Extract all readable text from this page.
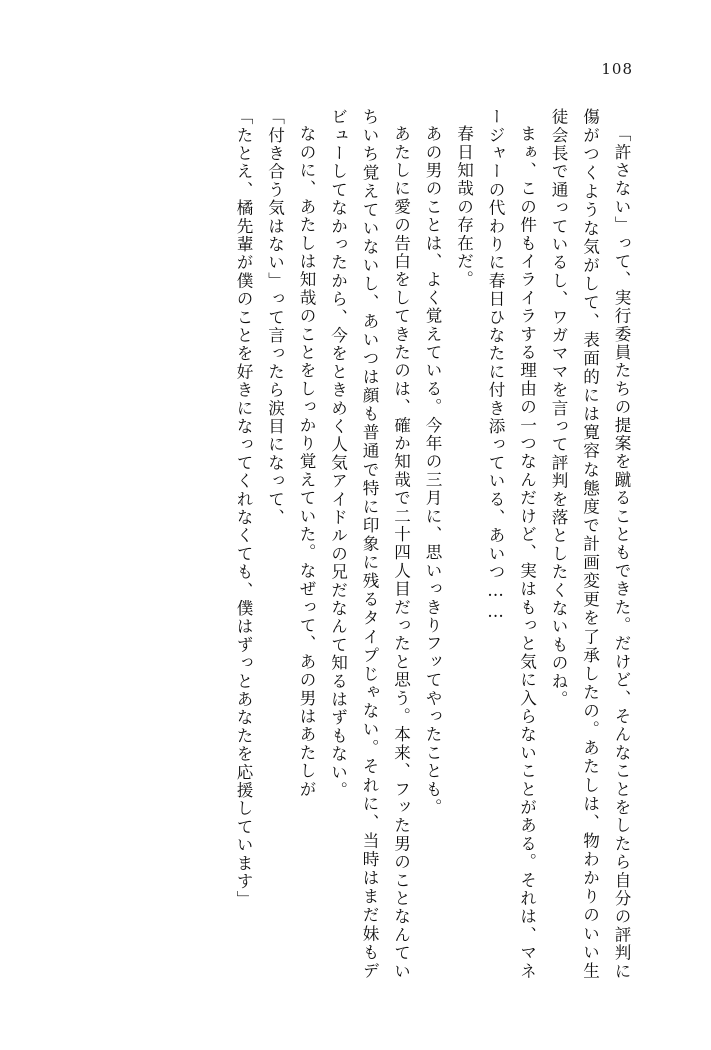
108

「許さない」って、実行委員たちの提案を蹴ることもできた。だけど、そんなことをしたら自分の評判に傷がつくような気がして、表面的には寛容な態度で計画変更を了承したの。あたしは、物わかりのいい生徒会長で通っているし、ワガママを言って評判を落としたくないものね。

まぁ、この件もイライラする理由の一つなんだけど、実はもっと気に入らないことがある。それは、マネージャーの代わりに春日ひなたに付き添っている、あいつ……

春日知哉の存在だ。

あの男のことは、よく覚えている。今年の三月に、思いっきりフッてやったことも。

あたしに愛の告白をしてきたのは、確か知哉で二十四人目だったと思う。本来、フッた男のことなんていちいち覚えていないし、あいつは顔も普通で特に印象に残るタイプじゃない。それに、当時はまだ妹もデビューしてなかったから、今をときめく人気アイドルの兄だなんて知るはずもない。

なのに、あたしは知哉のことをしっかり覚えていた。なぜって、あの男はあたしが

「付き合う気はない」って言ったら涙目になって、

「たとえ、橘先輩が僕のことを好きになってくれなくても、僕はずっとあなたを応援しています」
